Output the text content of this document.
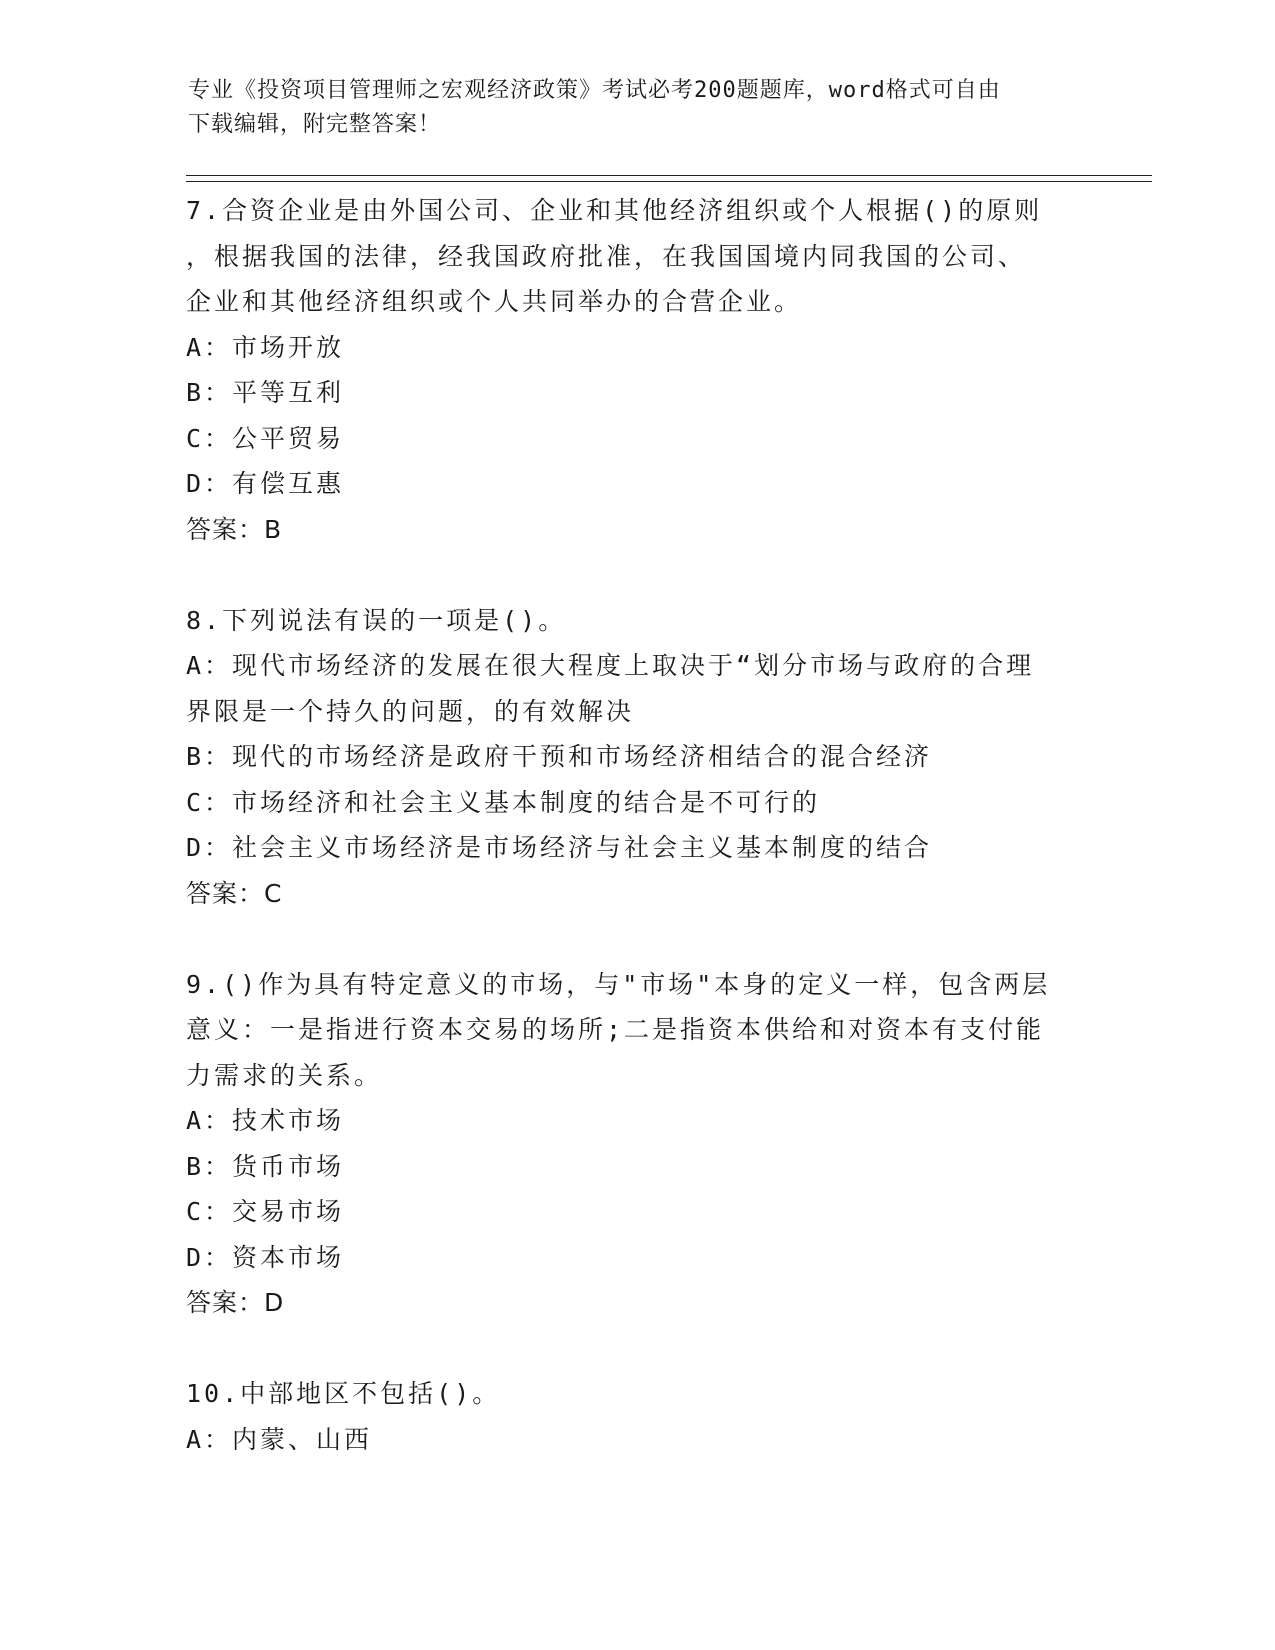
专业《投资项目管理师之宏观经济政策》考试必考200题题库，word格式可自由
下载编辑，附完整答案！
7.合资企业是由外国公司、企业和其他经济组织或个人根据()的原则
，根据我国的法律，经我国政府批准，在我国国境内同我国的公司、
企业和其他经济组织或个人共同举办的合营企业。
A：市场开放
B：平等互利
C：公平贸易
D：有偿互惠
答案：B
8.下列说法有误的一项是()。
A：现代市场经济的发展在很大程度上取决于“划分市场与政府的合理
界限是一个持久的问题，的有效解决
B：现代的市场经济是政府干预和市场经济相结合的混合经济
C：市场经济和社会主义基本制度的结合是不可行的
D：社会主义市场经济是市场经济与社会主义基本制度的结合
答案：C
9.()作为具有特定意义的市场，与"市场"本身的定义一样，包含两层
意义：一是指进行资本交易的场所;二是指资本供给和对资本有支付能
力需求的关系。
A：技术市场
B：货币市场
C：交易市场
D：资本市场
答案：D
10.中部地区不包括()。
A：内蒙、山西
